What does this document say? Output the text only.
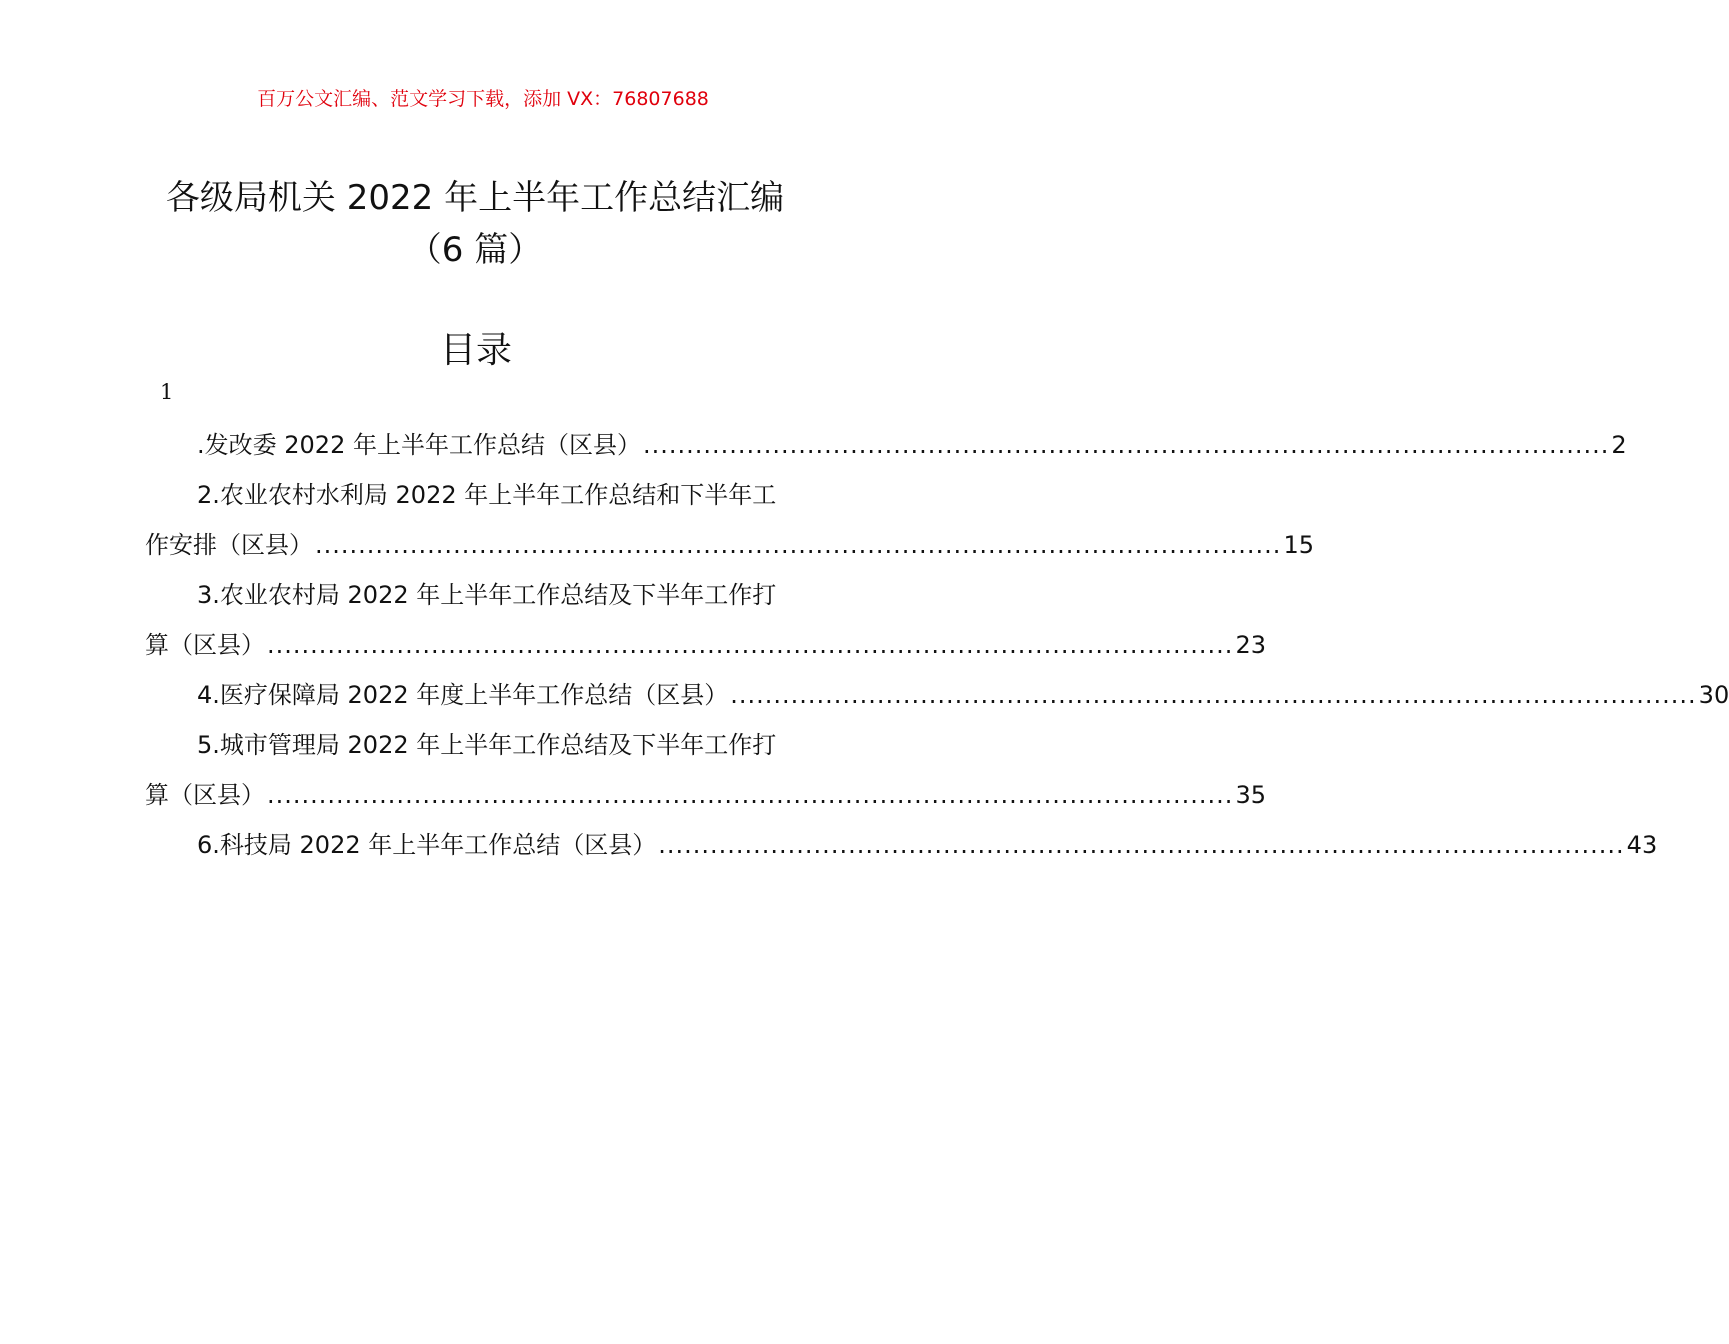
百万公文汇编、范文学习下载，添加 VX：76807688
各级局机关 2022 年上半年工作总结汇编
（6 篇）
目录
1
.发改委 2022 年上半年工作总结（区县） ................................................................................................................ 2
2.农业农村水利局 2022 年上半年工作总结和下半年工
作安排（区县） ................................................................................................................ 15
3.农业农村局 2022 年上半年工作总结及下半年工作打
算（区县） ................................................................................................................ 23
4.医疗保障局 2022 年度上半年工作总结（区县） ................................................................................................................ 30
5.城市管理局 2022 年上半年工作总结及下半年工作打
算（区县） ................................................................................................................ 35
6.科技局 2022 年上半年工作总结（区县） ................................................................................................................ 43
